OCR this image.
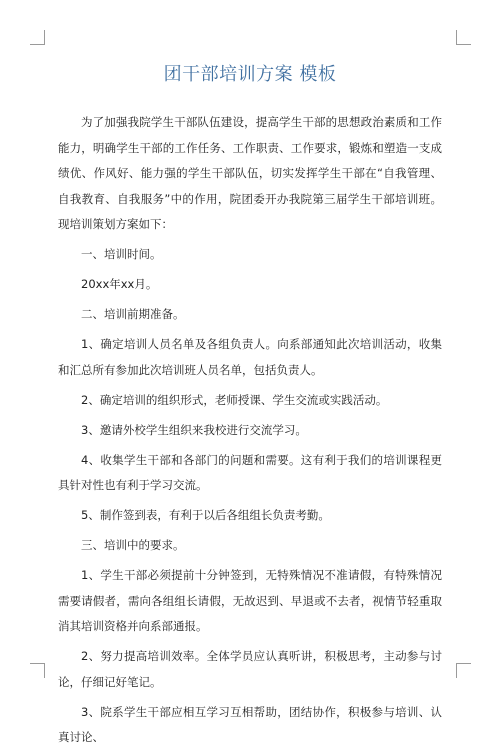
团干部培训方案 模板

为了加强我院学生干部队伍建设，提高学生干部的思想政治素质和工作能力，明确学生干部的工作任务、工作职责、工作要求，锻炼和塑造一支成绩优、作风好、能力强的学生干部队伍，切实发挥学生干部在“自我管理、自我教育、自我服务”中的作用，院团委开办我院第三届学生干部培训班。现培训策划方案如下：

一、培训时间。

20xx年xx月。

二、培训前期准备。

1、确定培训人员名单及各组负责人。向系部通知此次培训活动，收集和汇总所有参加此次培训班人员名单，包括负责人。

2、确定培训的组织形式，老师授课、学生交流或实践活动。

3、邀请外校学生组织来我校进行交流学习。

4、收集学生干部和各部门的问题和需要。这有利于我们的培训课程更具针对性也有利于学习交流。

5、制作签到表，有利于以后各组组长负责考勤。

三、培训中的要求。

1、学生干部必须提前十分钟签到，无特殊情况不准请假，有特殊情况需要请假者，需向各组组长请假，无故迟到、早退或不去者，视情节轻重取消其培训资格并向系部通报。

2、努力提高培训效率。全体学员应认真听讲，积极思考，主动参与讨论，仔细记好笔记。

3、院系学生干部应相互学习互相帮助，团结协作，积极参与培训、认真讨论、
